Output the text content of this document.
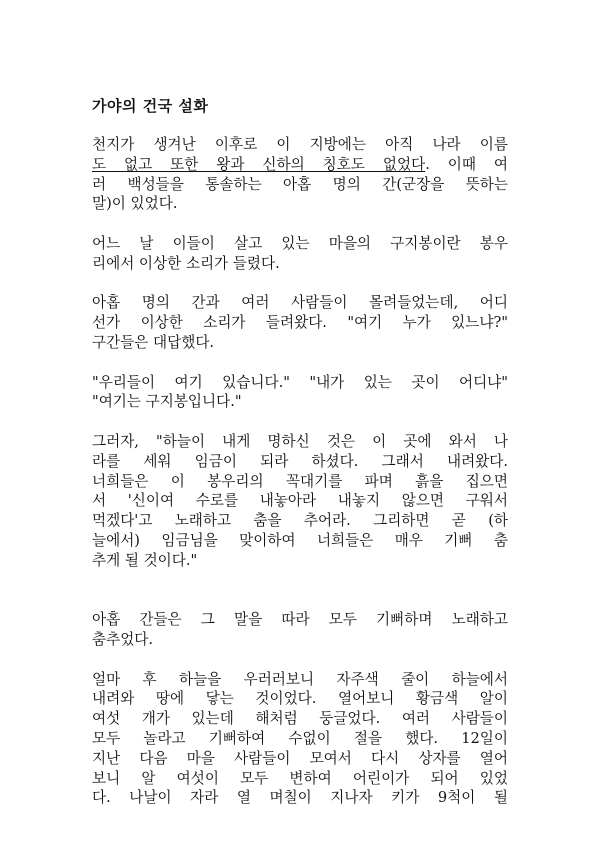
가야의 건국 설화
천지가 생겨난 이후로 이 지방에는 아직 나라 이름
도 없고 또한 왕과 신하의 칭호도 없었다. 이때 여
러 백성들을 통솔하는 아홉 명의 간(군장을 뜻하는
말)이 있었다.
어느 날 이들이 살고 있는 마을의 구지봉이란 봉우
리에서 이상한 소리가 들렸다.
아홉 명의 간과 여러 사람들이 몰려들었는데, 어디
선가 이상한 소리가 들려왔다. "여기 누가 있느냐?"
구간들은 대답했다.
"우리들이 여기 있습니다." "내가 있는 곳이 어디냐"
"여기는 구지봉입니다."
그러자, "하늘이 내게 명하신 것은 이 곳에 와서 나
라를 세워 임금이 되라 하셨다. 그래서 내려왔다.
너희들은 이 봉우리의 꼭대기를 파며 흙을 집으면
서 '신이여 수로를 내놓아라 내놓지 않으면 구워서
먹겠다'고 노래하고 춤을 추어라. 그리하면 곧 (하
늘에서) 임금님을 맞이하여 너희들은 매우 기뻐 춤
추게 될 것이다."
아홉 간들은 그 말을 따라 모두 기뻐하며 노래하고
춤추었다.
얼마 후 하늘을 우러러보니 자주색 줄이 하늘에서
내려와 땅에 닿는 것이었다. 열어보니 황금색 알이
여섯 개가 있는데 해처럼 둥글었다. 여러 사람들이
모두 놀라고 기뻐하여 수없이 절을 했다. 12일이
지난 다음 마을 사람들이 모여서 다시 상자를 열어
보니 알 여섯이 모두 변하여 어린이가 되어 있었
다. 나날이 자라 열 며칠이 지나자 키가 9척이 될
